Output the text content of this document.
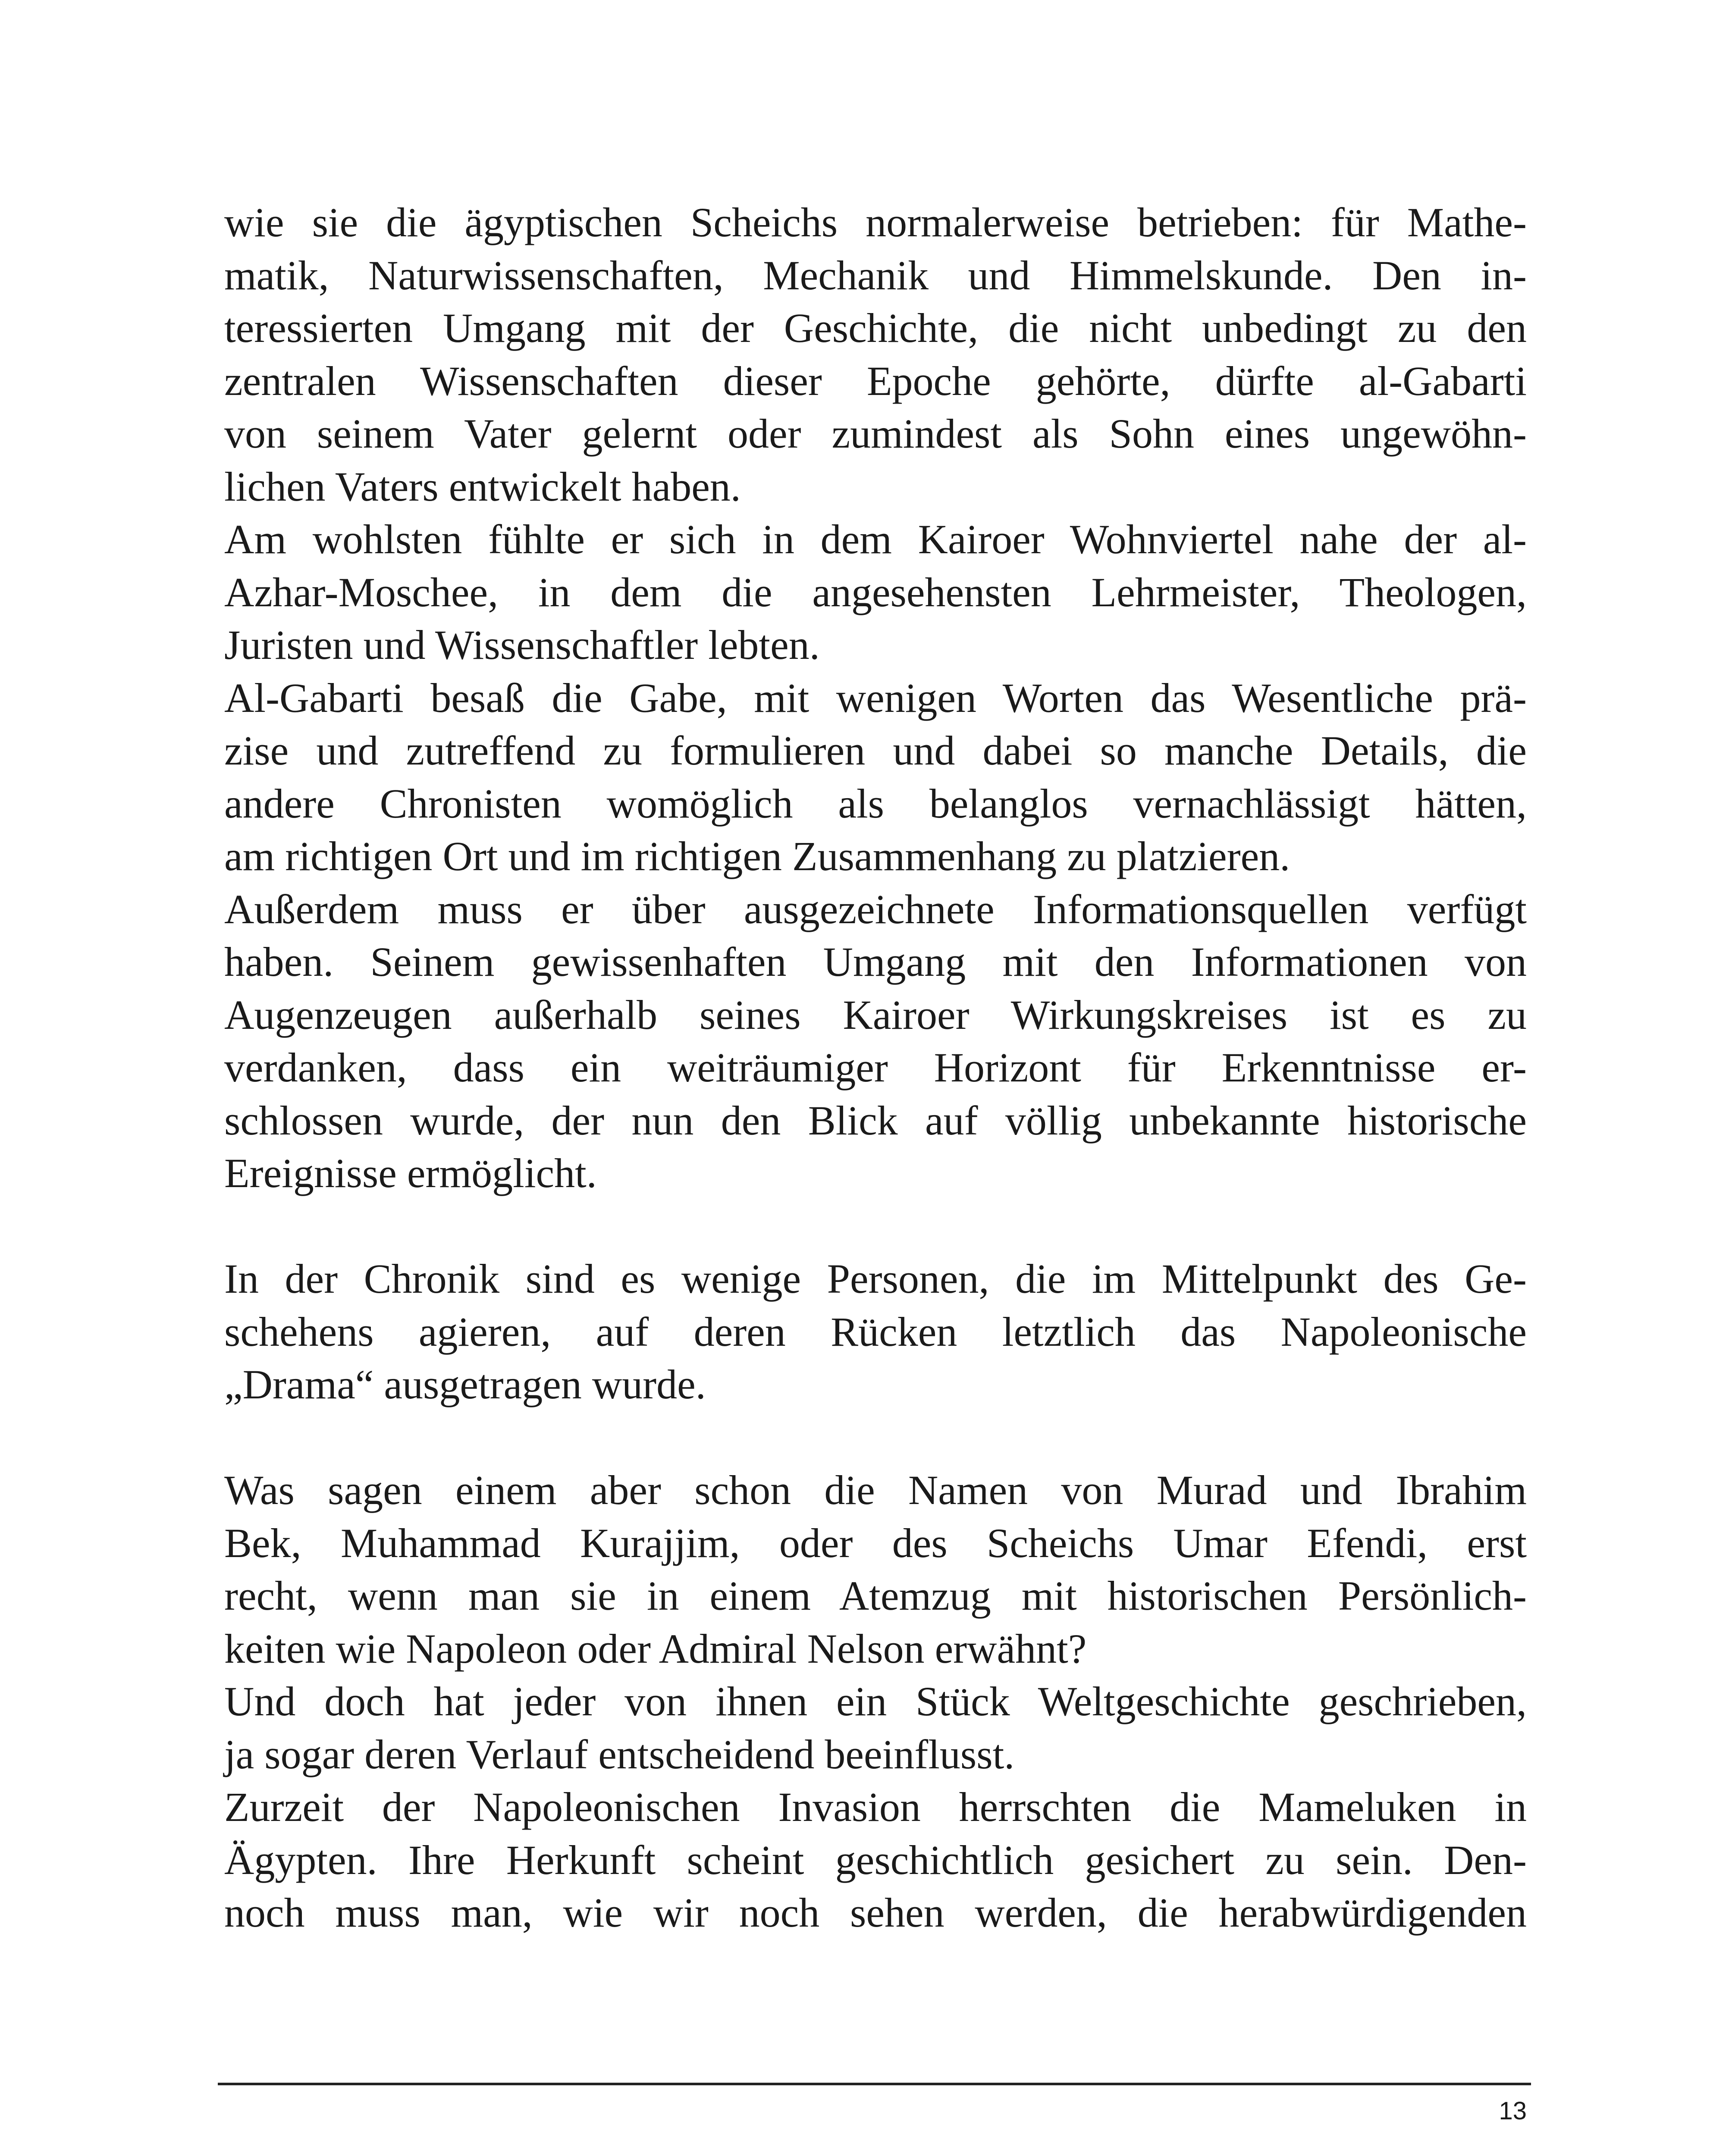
wie sie die ägyptischen Scheichs normalerweise betrieben: für Mathe-
matik, Naturwissenschaften, Mechanik und Himmelskunde. Den in-
teressierten Umgang mit der Geschichte, die nicht unbedingt zu den
zentralen Wissenschaften dieser Epoche gehörte, dürfte al-Gabarti
von seinem Vater gelernt oder zumindest als Sohn eines ungewöhn-
lichen Vaters entwickelt haben.

Am wohlsten fühlte er sich in dem Kairoer Wohnviertel nahe der al-
Azhar-Moschee, in dem die angesehensten Lehrmeister, Theologen,
Juristen und Wissenschaftler lebten.

Al-Gabarti besaß die Gabe, mit wenigen Worten das Wesentliche prä-
zise und zutreffend zu formulieren und dabei so manche Details, die
andere Chronisten womöglich als belanglos vernachlässigt hätten,
am richtigen Ort und im richtigen Zusammenhang zu platzieren.

Außerdem muss er über ausgezeichnete Informationsquellen verfügt
haben. Seinem gewissenhaften Umgang mit den Informationen von
Augenzeugen außerhalb seines Kairoer Wirkungskreises ist es zu
verdanken, dass ein weiträumiger Horizont für Erkenntnisse er-
schlossen wurde, der nun den Blick auf völlig unbekannte historische
Ereignisse ermöglicht.

In der Chronik sind es wenige Personen, die im Mittelpunkt des Ge-
schehens agieren, auf deren Rücken letztlich das Napoleonische
„Drama“ ausgetragen wurde.

Was sagen einem aber schon die Namen von Murad und Ibrahim
Bek, Muhammad Kurajjim, oder des Scheichs Umar Efendi, erst
recht, wenn man sie in einem Atemzug mit historischen Persönlich-
keiten wie Napoleon oder Admiral Nelson erwähnt?

Und doch hat jeder von ihnen ein Stück Weltgeschichte geschrieben,
ja sogar deren Verlauf entscheidend beeinflusst.

Zurzeit der Napoleonischen Invasion herrschten die Mameluken in
Ägypten. Ihre Herkunft scheint geschichtlich gesichert zu sein. Den-
noch muss man, wie wir noch sehen werden, die herabwürdigenden

13
